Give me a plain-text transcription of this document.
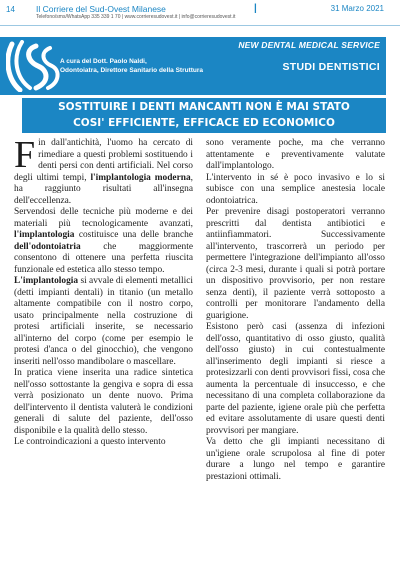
14 Il Corriere del Sud-Ovest Milanese
Telefono/sms/WhatsApp 335 339 1 70 | www.corrieresudovest.it | info@corrieresudovest.it
|	31 Marzo 2021
NEW DENTAL MEDICAL SERVICE
A cura del Dott. Paolo Naldi,
Odontoiatra, Direttore Sanitario della Struttura	STUDI DENTISTICI
SOSTITUIRE I DENTI MANCANTI NON È MAI STATO
COSI' EFFICIENTE, EFFICACE ED ECONOMICO

Fin dall'antichità, l'uomo ha cercato di rimediare a questi problemi sostituendo i denti persi con denti artificiali. Nel corso degli ultimi tempi, l'implantologia moderna, ha raggiunto risultati all'insegna dell'eccellenza.

Servendosi delle tecniche più moderne e dei materiali più tecnologicamente avanzati, l'implantologia costituisce una delle branche dell'odontoiatria che maggiormente consentono di ottenere una perfetta riuscita funzionale ed estetica allo stesso tempo.

L'implantologia si avvale di elementi metallici (detti impianti dentali) in titanio (un metallo altamente compatibile con il nostro corpo, usato principalmente nella costruzione di protesi artificiali inserite, se necessario all'interno del corpo (come per esempio le protesi d'anca o del ginocchio), che vengono inseriti nell'osso mandibolare o mascellare.

In pratica viene inserita una radice sintetica nell'osso sottostante la gengiva e sopra di essa verrà posizionato un dente nuovo. Prima dell'intervento il dentista valuterà le condizioni generali di salute del paziente, dell'osso disponibile e la qualità dello stesso.

Le controindicazioni a questo intervento

sono veramente poche, ma che verranno attentamente e preventivamente valutate dall'implantologo.

L'intervento in sé è poco invasivo e lo si subisce con una semplice anestesia locale odontoiatrica.

Per prevenire disagi postoperatori verranno prescritti dal dentista antibiotici e antiinfiammatori. Successivamente all'intervento, trascorrerà un periodo per permettere l'integrazione dell'impianto all'osso (circa 2-3 mesi, durante i quali si potrà portare un dispositivo provvisorio, per non restare senza denti), il paziente verrà sottoposto a controlli per monitorare l'andamento della guarigione.

Esistono però casi (assenza di infezioni dell'osso, quantitativo di osso giusto, qualità dell'osso giusto) in cui contestualmente all'inserimento degli impianti si riesce a protesizzarli con denti provvisori fissi, cosa che aumenta la percentuale di insuccesso, e che necessitano di una completa collaborazione da parte del paziente, igiene orale più che perfetta ed evitare assolutamente di usare questi denti provvisori per mangiare.

Va detto che gli impianti necessitano di un'igiene orale scrupolosa al fine di poter durare a lungo nel tempo e garantire prestazioni ottimali.
